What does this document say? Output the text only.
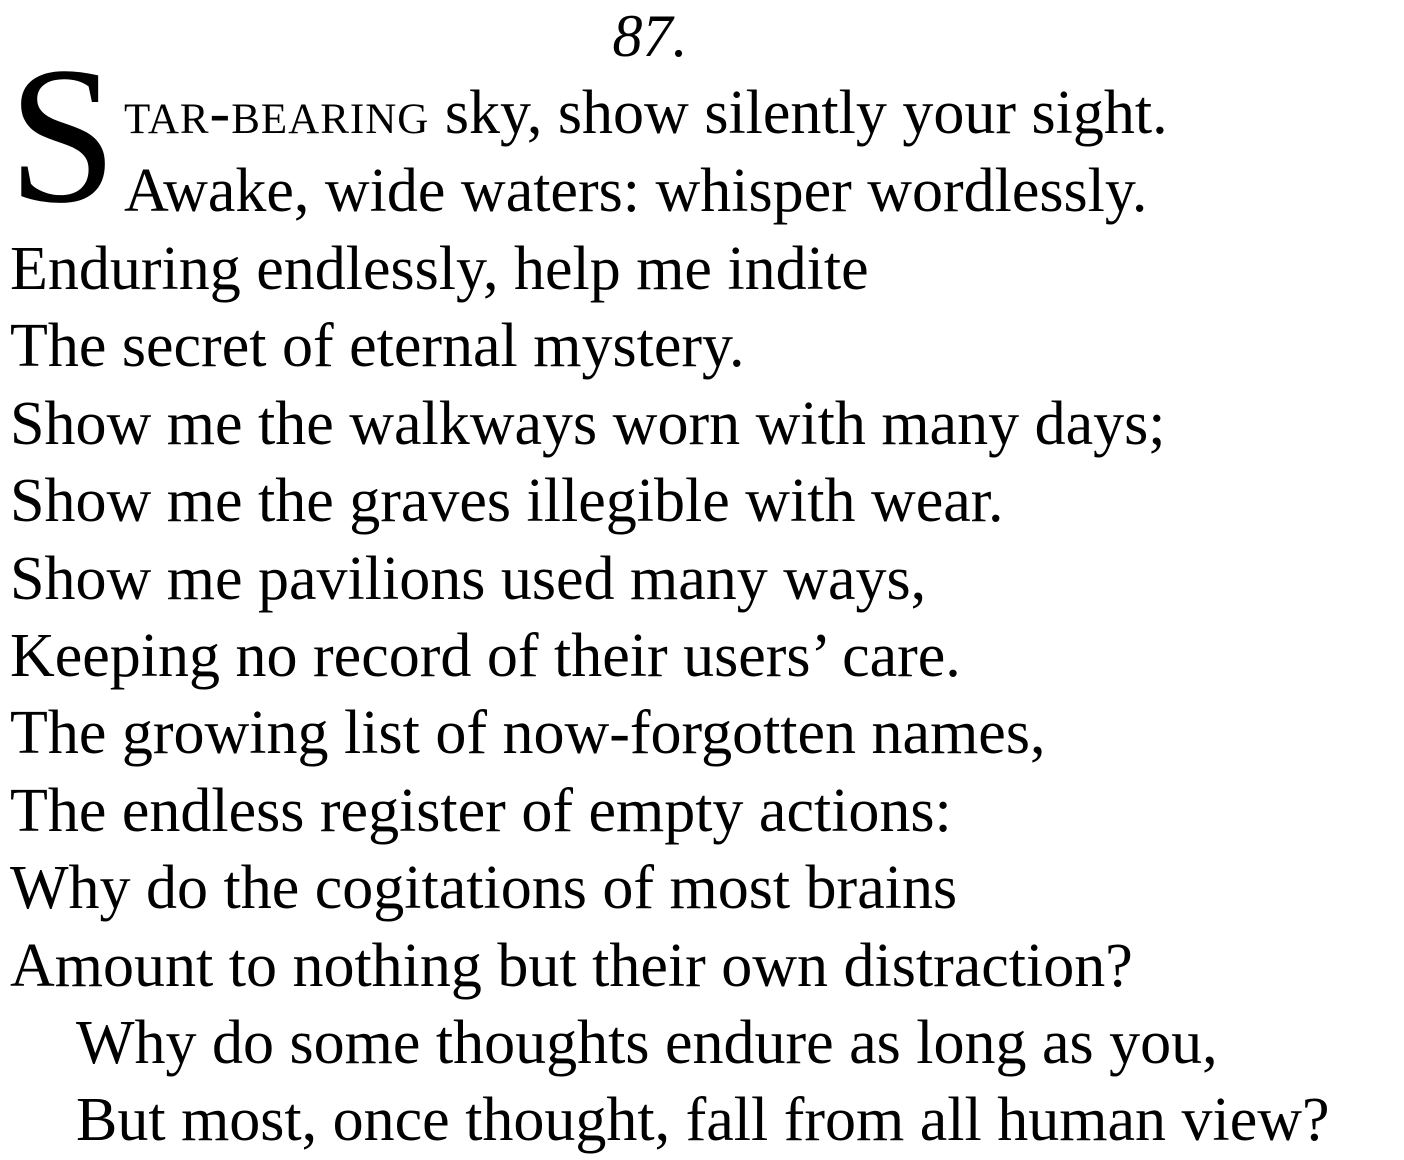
87.
S tar-bearing sky, show silently your sight.
Awake, wide waters: whisper wordlessly.
Enduring endlessly, help me indite
The secret of eternal mystery.
Show me the walkways worn with many days;
Show me the graves illegible with wear.
Show me pavilions used many ways,
Keeping no record of their users’ care.
The growing list of now-forgotten names,
The endless register of empty actions:
Why do the cogitations of most brains
Amount to nothing but their own distraction?
Why do some thoughts endure as long as you,
But most, once thought, fall from all human view?
